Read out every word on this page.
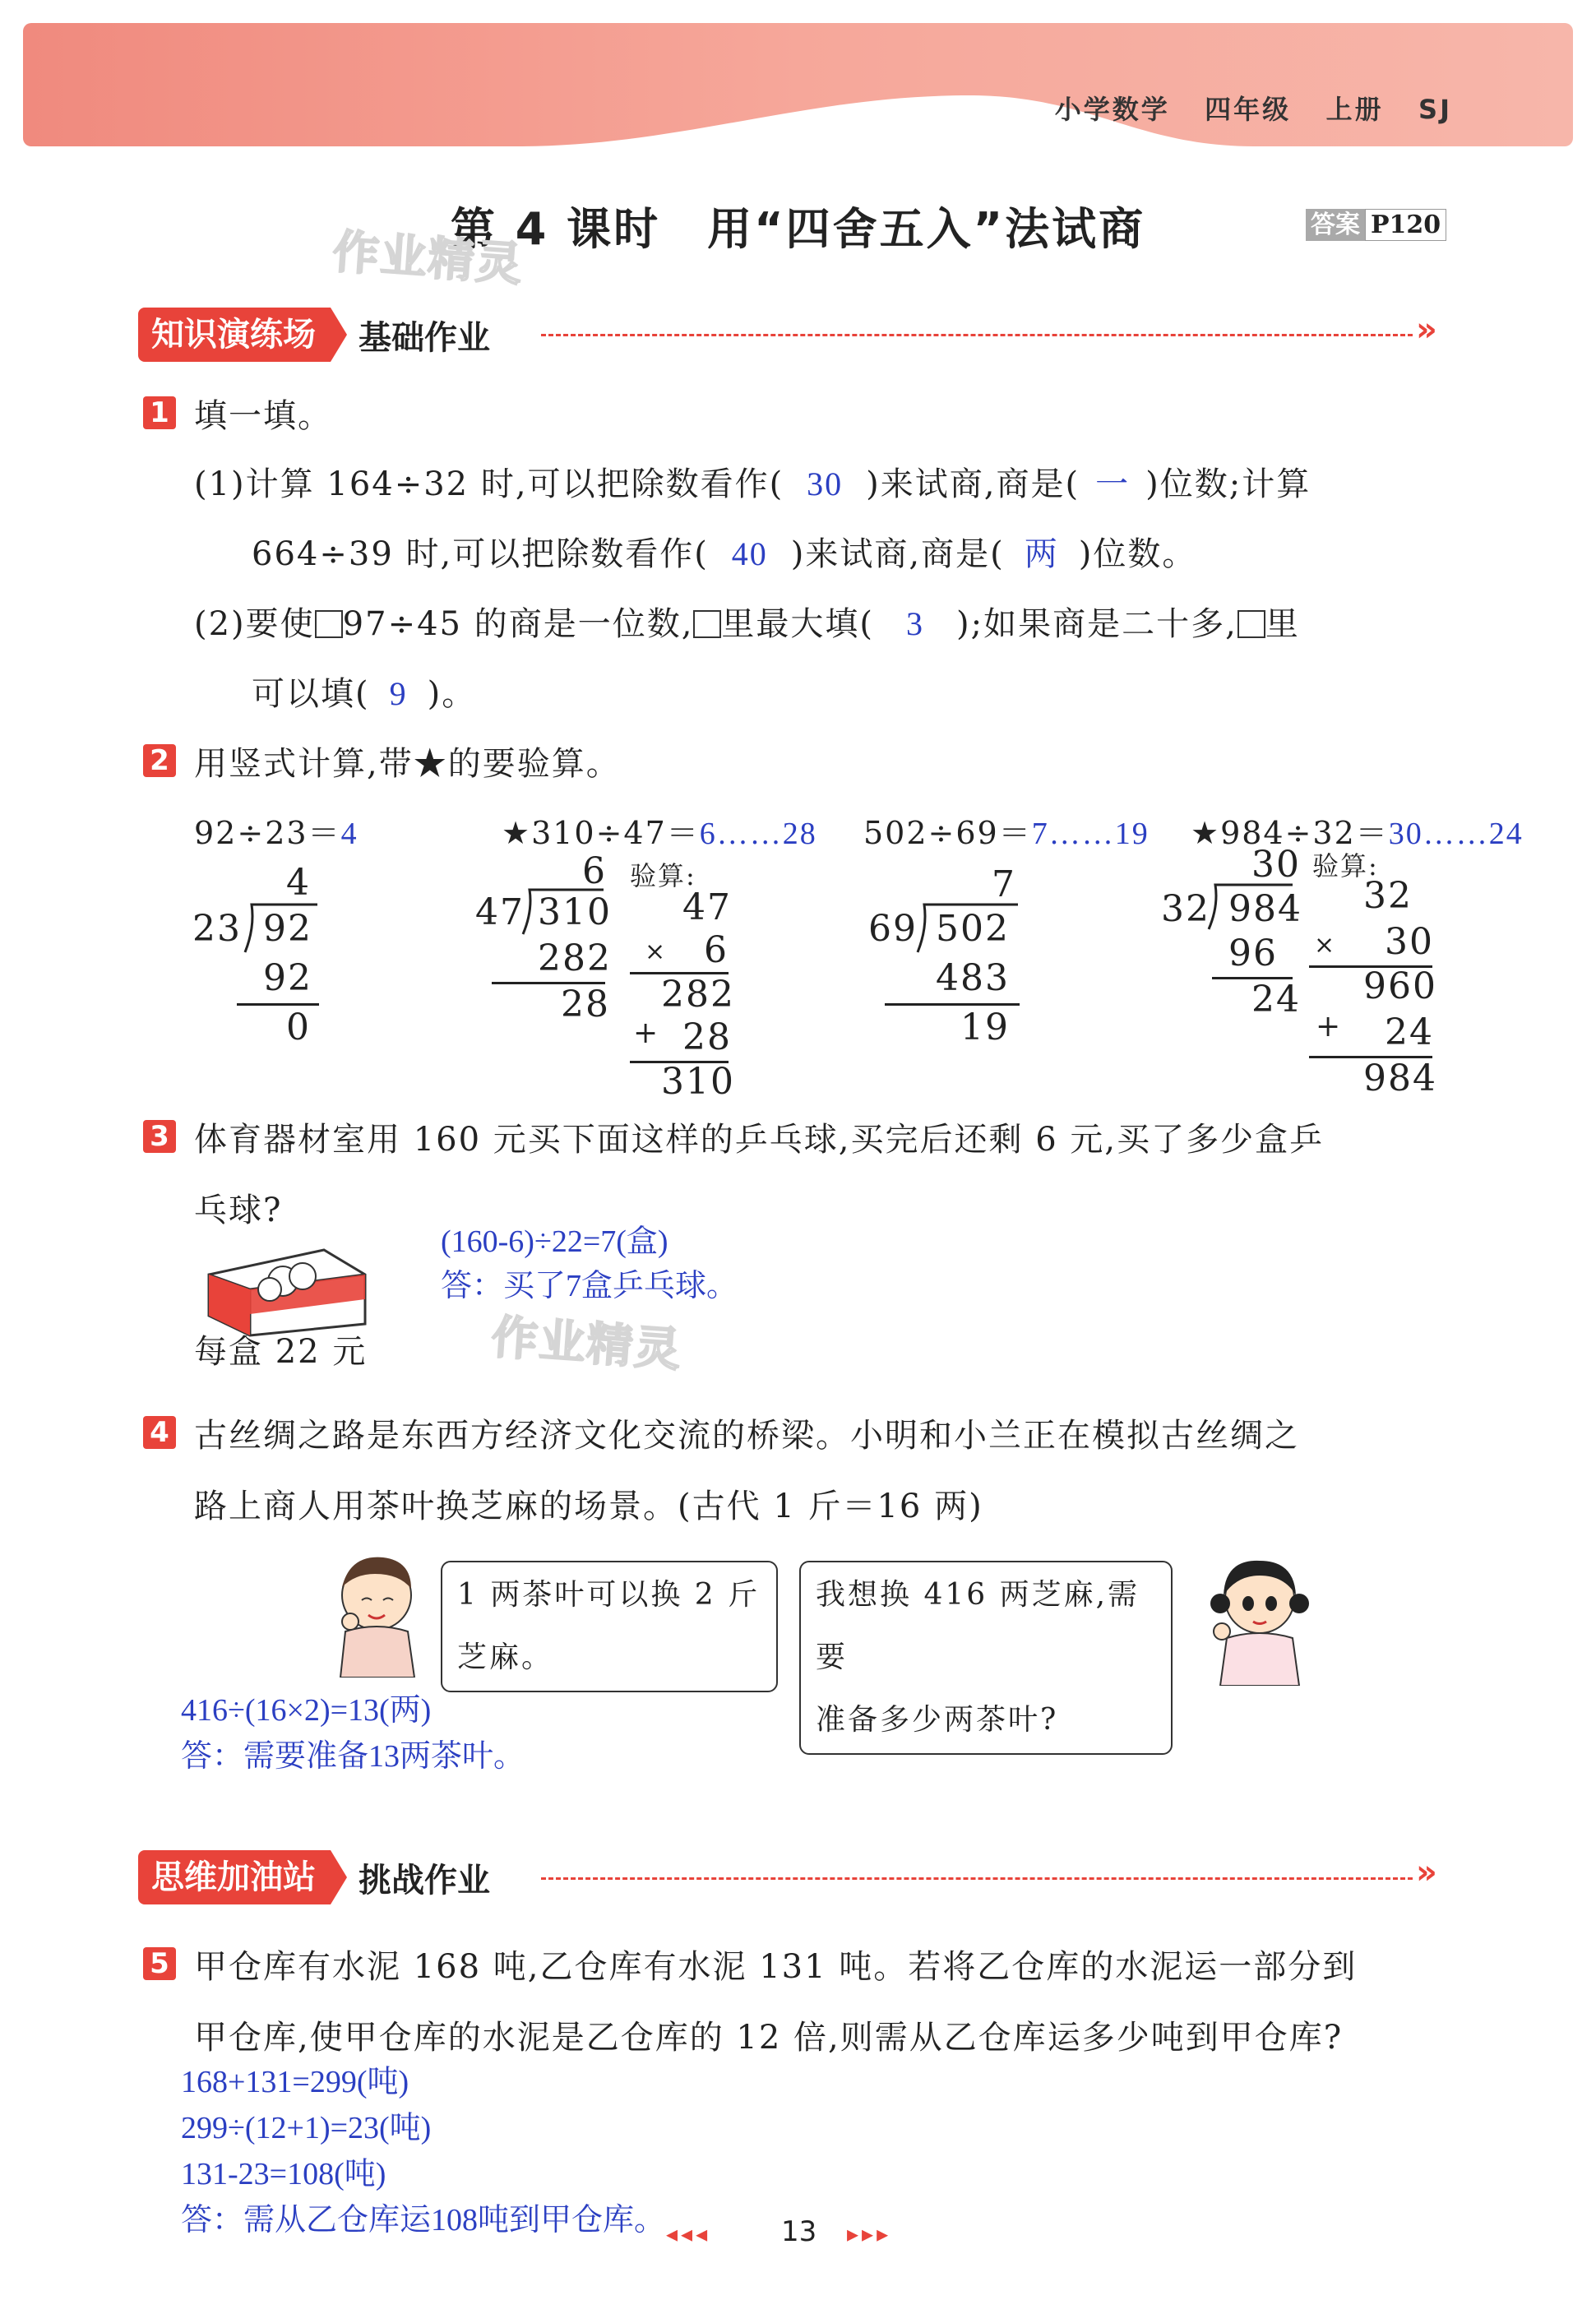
小学数学 四年级 上册 SJ
第 4 课时　用“四舍五入”法试商	答案 P120
作业精灵
知识演练场	基础作业	»
1 填一填。
(1)计算 164÷32 时,可以把除数看作( 30 )来试商,商是( 一 )位数;计算
664÷39 时,可以把除数看作( 40 )来试商,商是( 两 )位数。
(2)要使 97÷45 的商是一位数, 里最大填( 3 );如果商是二十多, 里
可以填( 9 )。
2 用竖式计算,带★的要验算。
92÷23＝4	★310÷47＝6……28 502÷69＝7……19 ★984÷32＝30……24
4
23 92
92
0
6
47 310
282
28
验算:
47
× 6
282
+ 28
310
7
69 502
483
19
30
32 984
96
24
验算:
32
× 30
960
+ 24
984
3 体育器材室用 160 元买下面这样的乒乓球,买完后还剩 6 元,买了多少盒乒
乓球?
每盒 22 元
(160-6)÷22=7(盒)
答：买了7盒乒乓球。
作业精灵
4 古丝绸之路是东西方经济文化交流的桥梁。小明和小兰正在模拟古丝绸之
路上商人用茶叶换芝麻的场景。(古代 1 斤＝16 两)
1 两茶叶可以换 2 斤
芝麻。
我想换 416 两芝麻,需要
准备多少两茶叶?
416÷(16×2)=13(两)
答：需要准备13两茶叶。
思维加油站	挑战作业	»
5 甲仓库有水泥 168 吨,乙仓库有水泥 131 吨。若将乙仓库的水泥运一部分到
甲仓库,使甲仓库的水泥是乙仓库的 12 倍,则需从乙仓库运多少吨到甲仓库?
168+131=299(吨)
299÷(12+1)=23(吨)
131-23=108(吨)
答：需从乙仓库运108吨到甲仓库。 ◂◂◂	13 ▸▸▸
